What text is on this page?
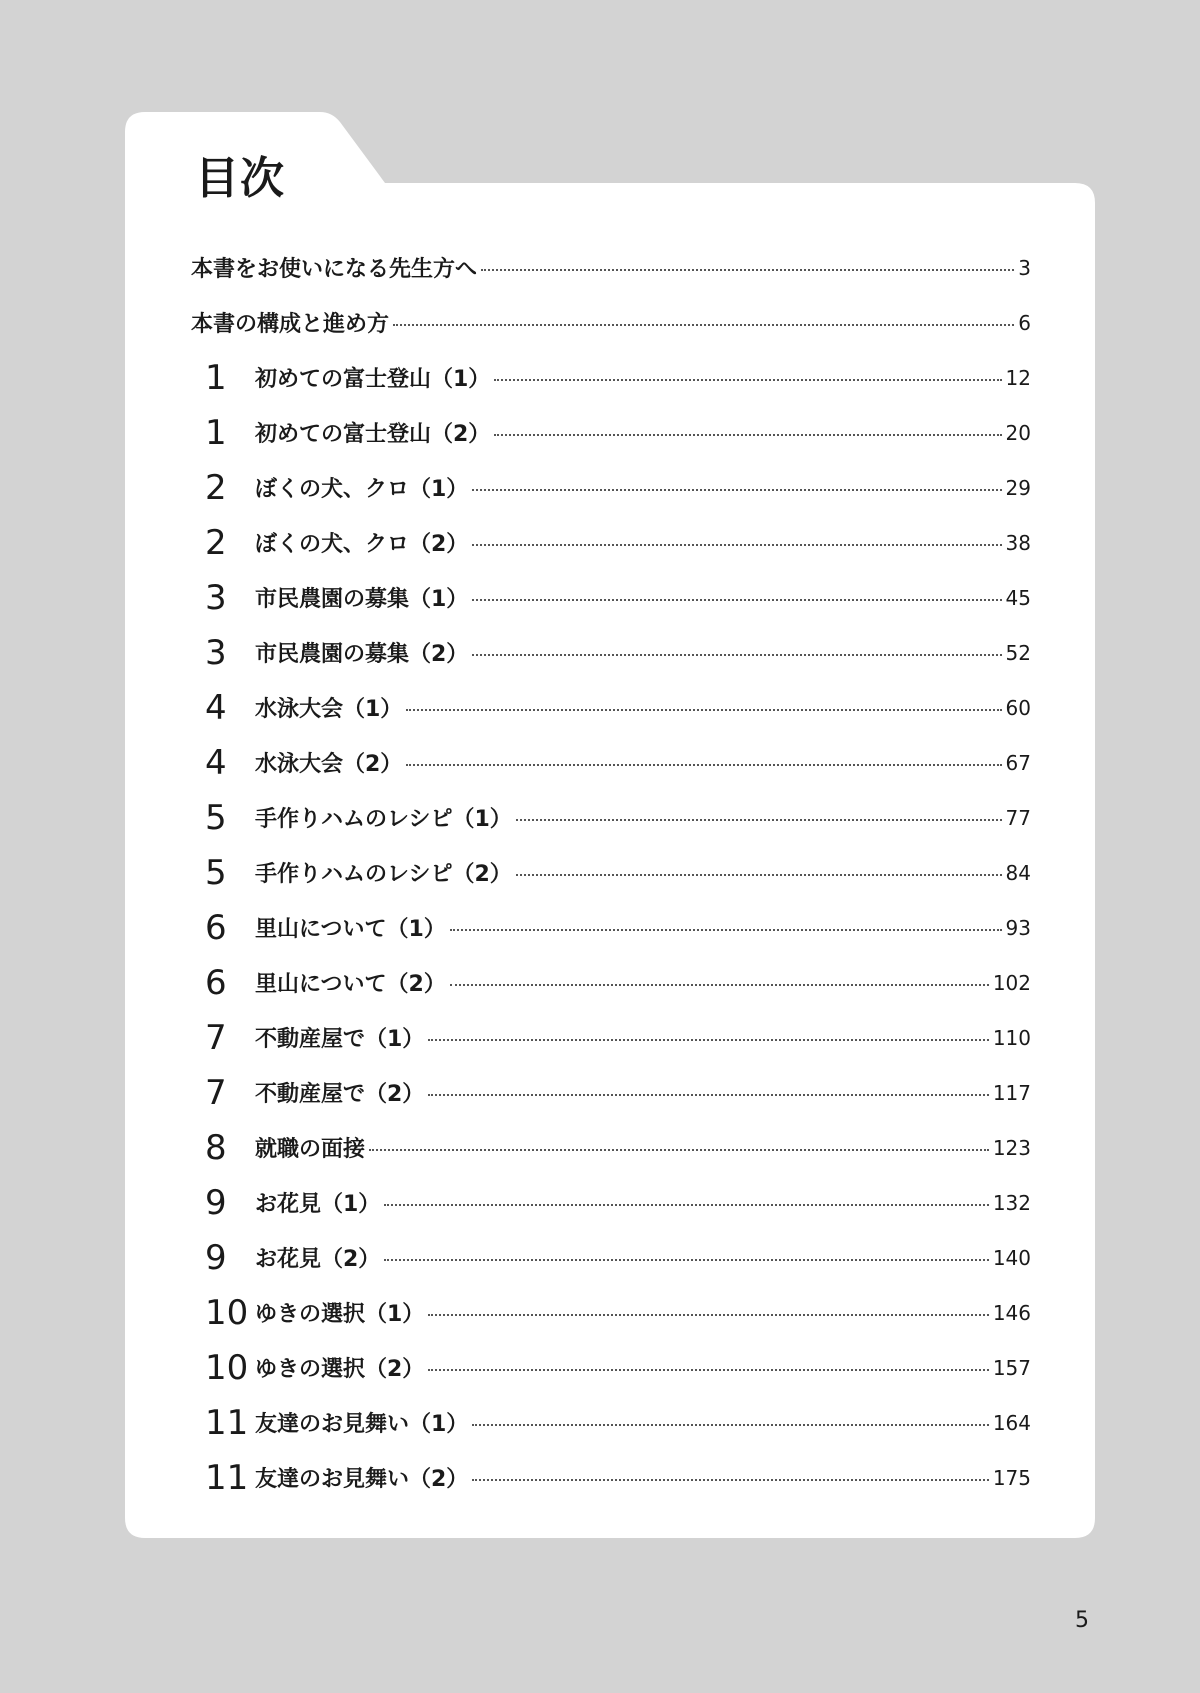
目次
本書をお使いになる先生方へ	3
本書の構成と進め方	6
1	初めての富士登山（1）	12
1	初めての富士登山（2）	20
2	ぼくの犬、クロ（1）	29
2	ぼくの犬、クロ（2）	38
3	市民農園の募集（1）	45
3	市民農園の募集（2）	52
4	水泳大会（1）	60
4	水泳大会（2）	67
5	手作りハムのレシピ（1）	77
5	手作りハムのレシピ（2）	84
6	里山について（1）	93
6	里山について（2）	102
7	不動産屋で（1）	110
7	不動産屋で（2）	117
8	就職の面接	123
9	お花見（1）	132
9	お花見（2）	140
10 ゆきの選択（1）	146
10 ゆきの選択（2）	157
11 友達のお見舞い（1）	164
11 友達のお見舞い（2）	175
5
